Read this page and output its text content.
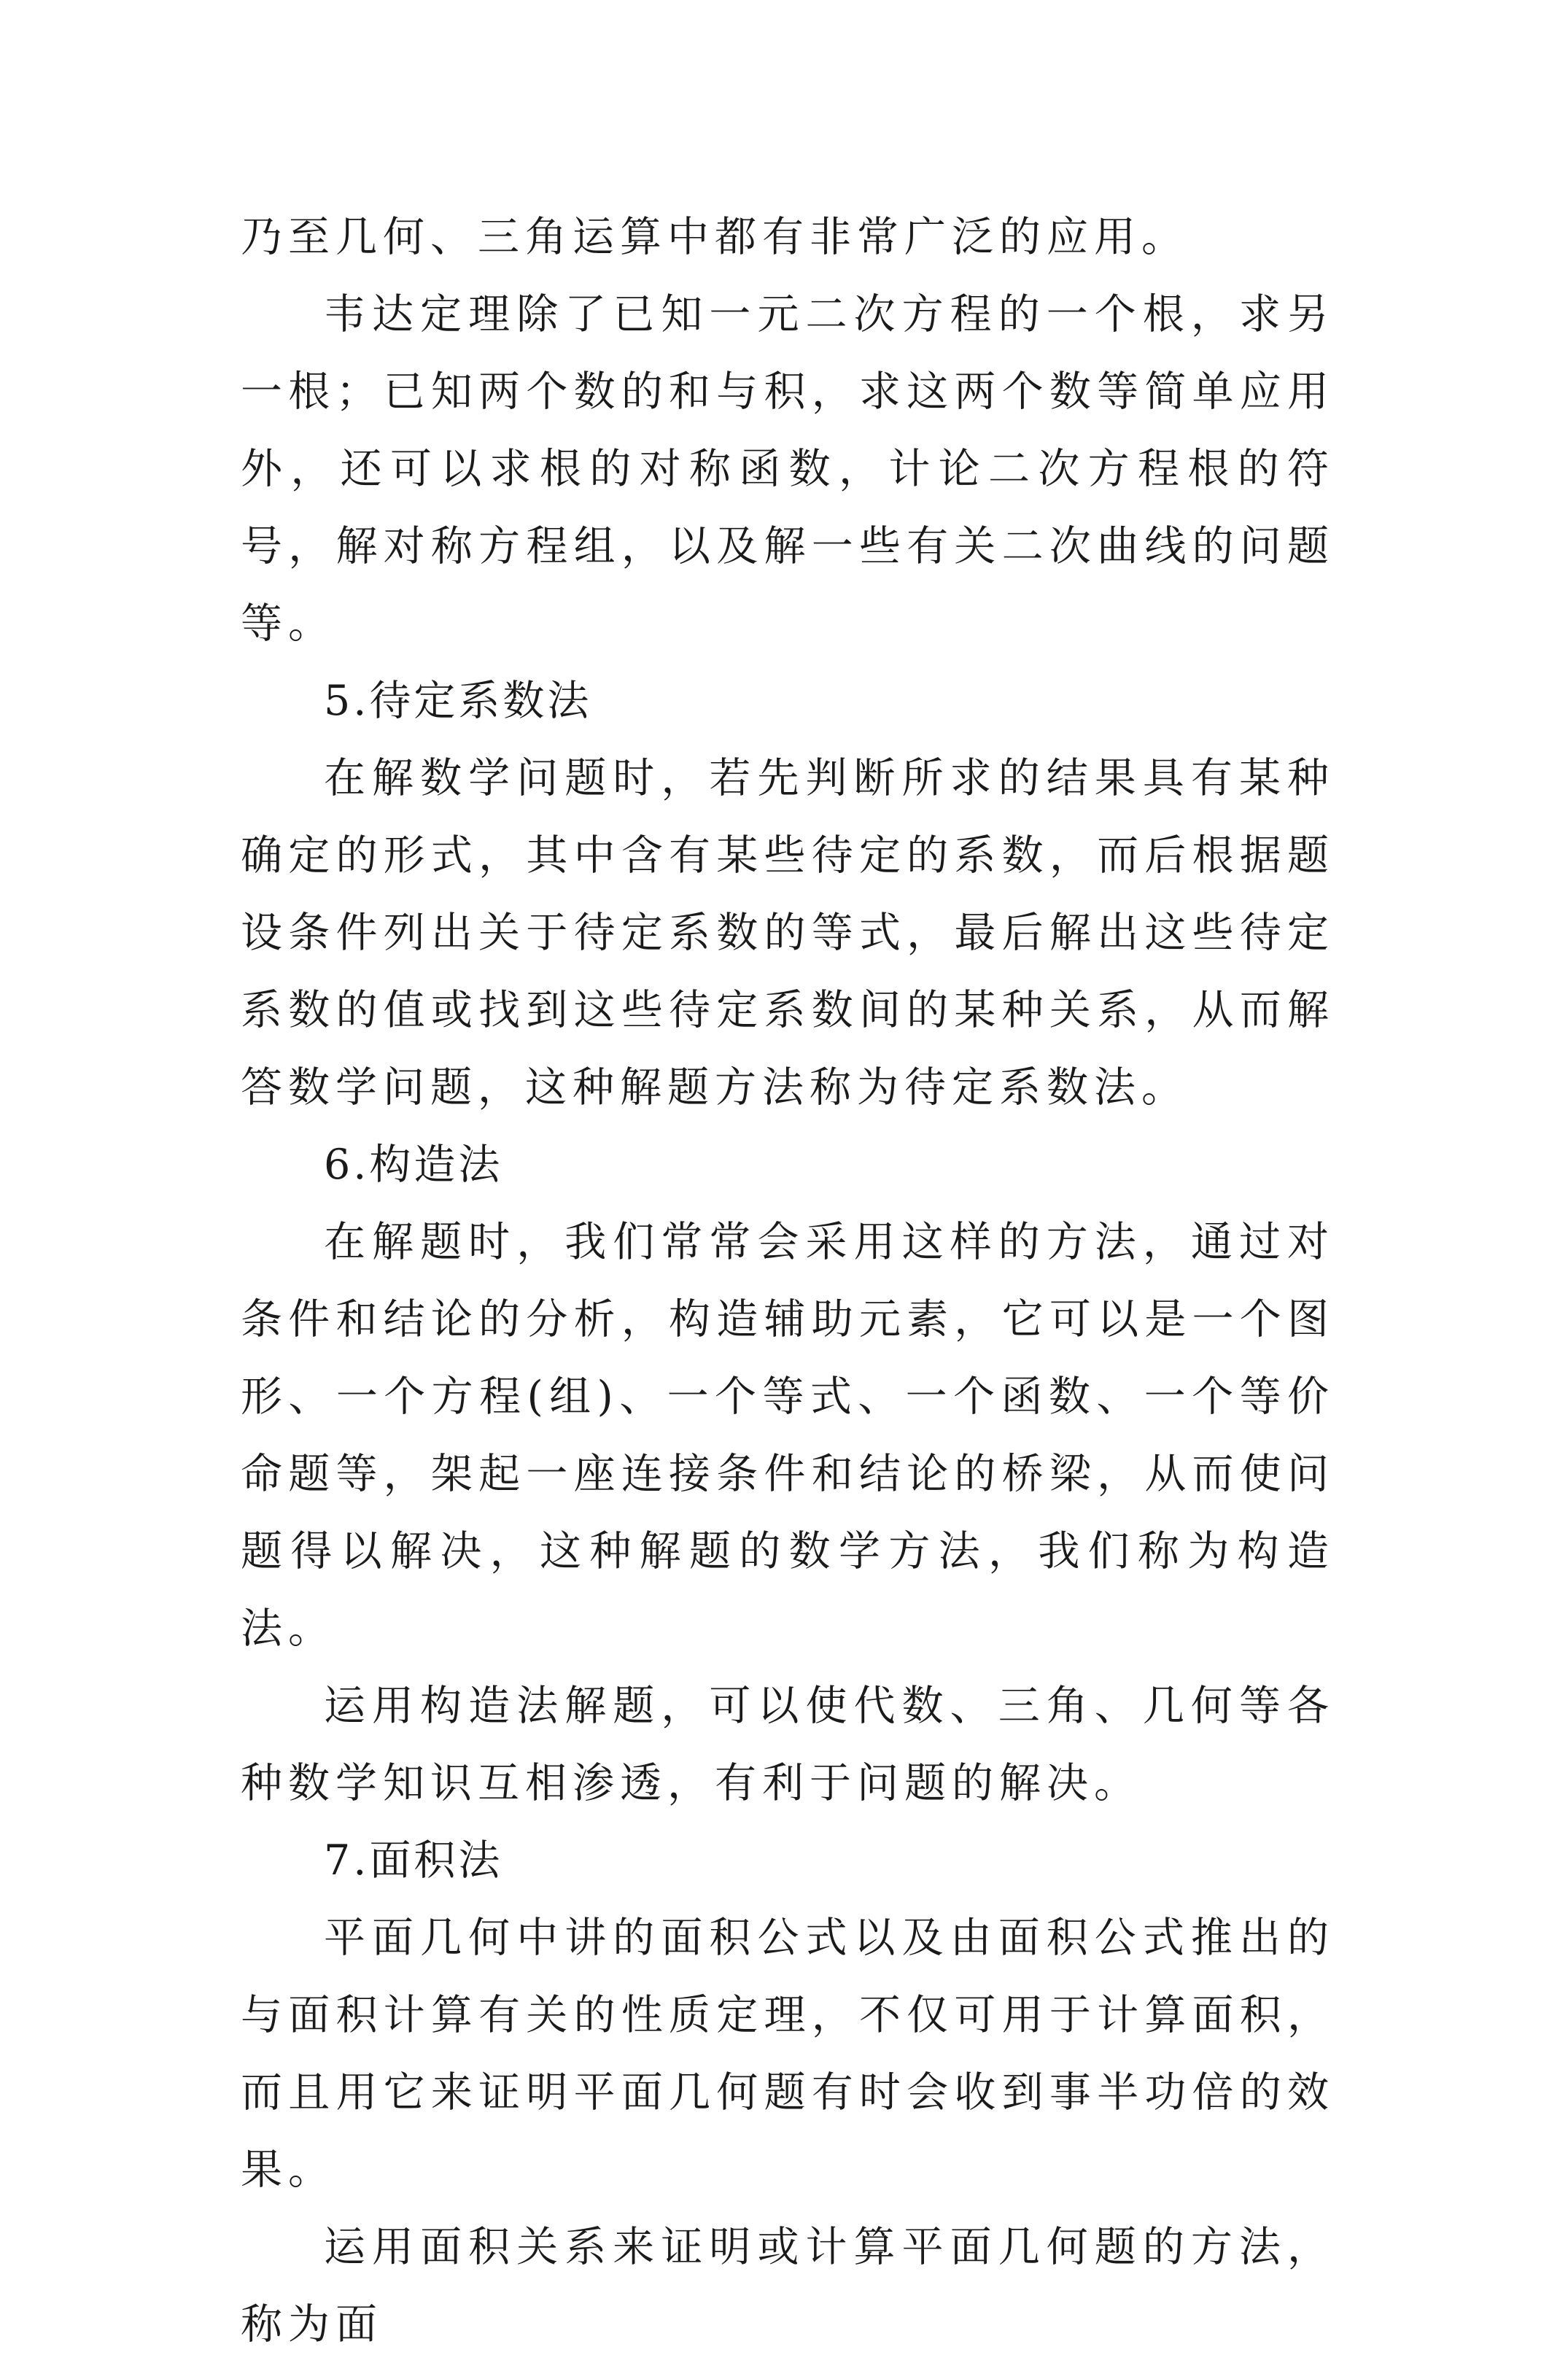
乃至几何、三角运算中都有非常广泛的应用。

韦达定理除了已知一元二次方程的一个根，求另一根；已知两个数的和与积，求这两个数等简单应用外，还可以求根的对称函数，计论二次方程根的符号，解对称方程组，以及解一些有关二次曲线的问题等。

5.待定系数法

在解数学问题时，若先判断所求的结果具有某种确定的形式，其中含有某些待定的系数，而后根据题设条件列出关于待定系数的等式，最后解出这些待定系数的值或找到这些待定系数间的某种关系，从而解答数学问题，这种解题方法称为待定系数法。

6.构造法

在解题时，我们常常会采用这样的方法，通过对条件和结论的分析，构造辅助元素，它可以是一个图形、一个方程(组)、一个等式、一个函数、一个等价命题等，架起一座连接条件和结论的桥梁，从而使问题得以解决，这种解题的数学方法，我们称为构造法。

运用构造法解题，可以使代数、三角、几何等各种数学知识互相渗透，有利于问题的解决。

7.面积法

平面几何中讲的面积公式以及由面积公式推出的与面积计算有关的性质定理，不仅可用于计算面积，而且用它来证明平面几何题有时会收到事半功倍的效果。

运用面积关系来证明或计算平面几何题的方法，称为面
